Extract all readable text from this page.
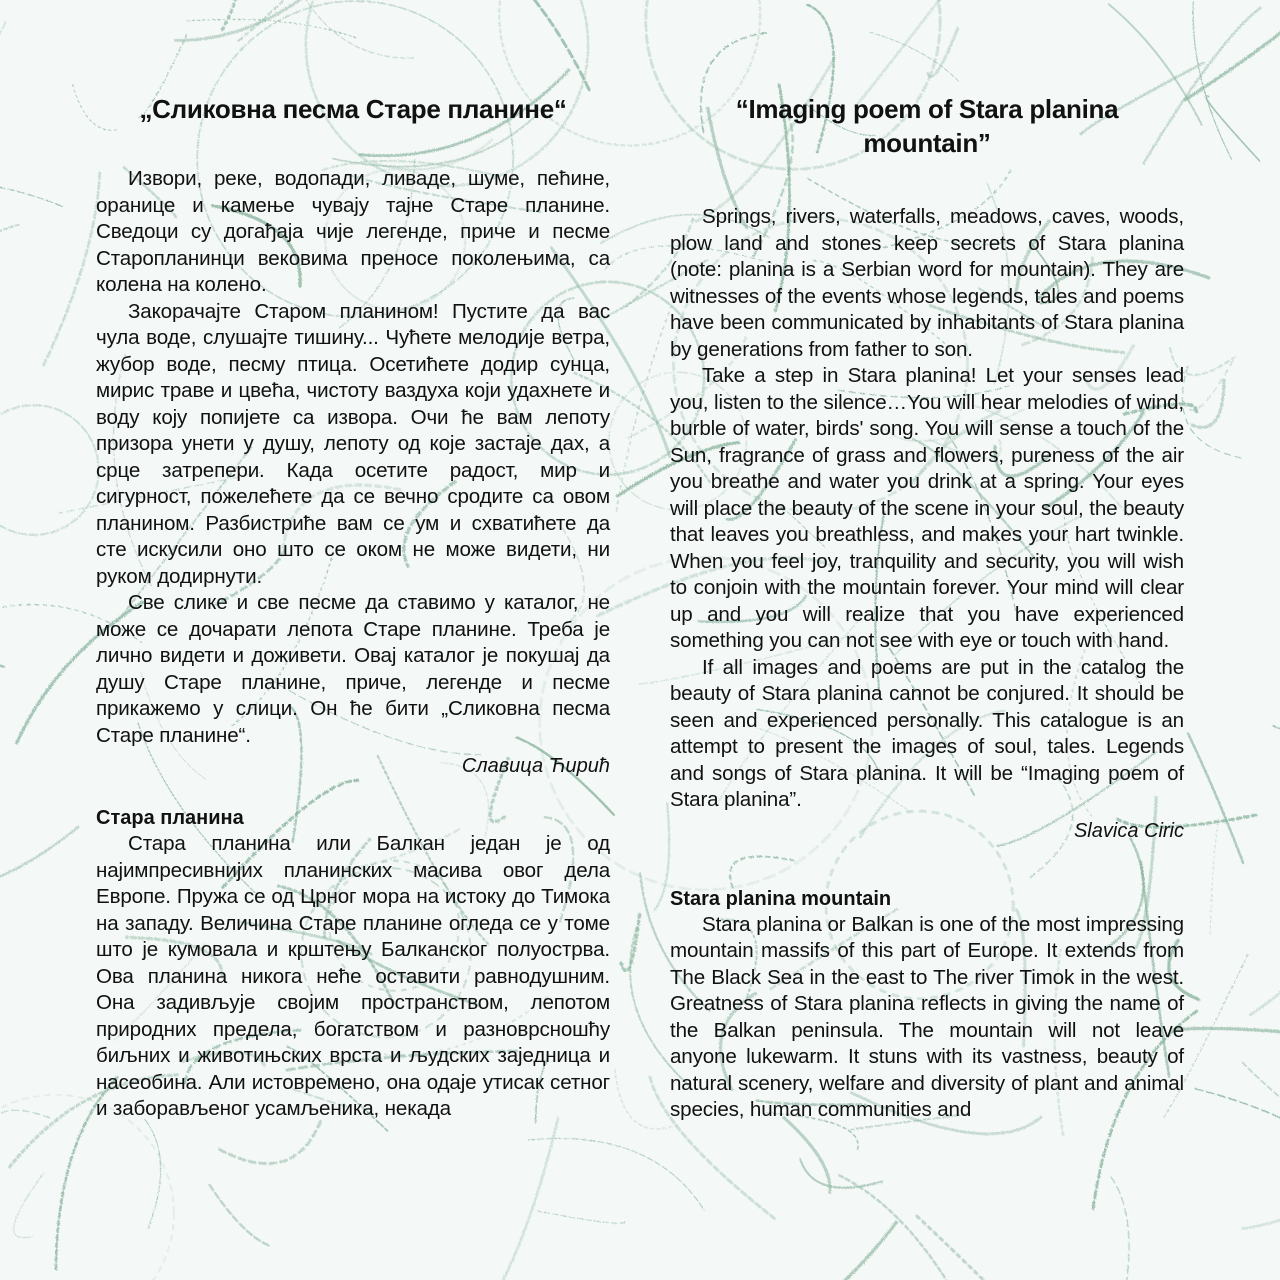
„Сликовна песма Старе планине“

Извори, реке, водопади, ливаде, шуме, пећине, оранице и камење чувају тајне Старе планине. Сведоци су догађаја чије легенде, приче и песме Старопланинци вековима преносе поколењима, са колена на колено.

Закорачајте Старом планином! Пустите да вас чула воде, слушајте тишину... Чућете мелодије ветра, жубор воде, песму птица. Осетићете додир сунца, мирис траве и цвећа, чистоту ваздуха који удахнете и воду коју попијете са извора. Очи ће вам лепоту призора унети у душу, лепоту од које застаје дах, а срце затрепери. Када осетите радост, мир и сигурност, пожелећете да се вечно сродите са овом планином. Разбистриће вам се ум и схватићете да сте искусили оно што се оком не може видети, ни руком додирнути.

Све слике и све песме да ставимо у каталог, не може се дочарати лепота Старе планине. Треба је лично видети и доживети. Овај каталог је покушај да душу Старе планине, приче, легенде и песме прикажемо у слици. Он ће бити „Сликовна песма Старе планине“.

Славица Ћирић

Стара планина

Стара планина или Балкан један је од најимпресивнијих планинских масива овог дела Европе. Пружа се од Црног мора на истоку до Тимока на западу. Величина Старе планине огледа се у томе што је кумовала и крштењу Балканског полуострва. Ова планина никога неће оставити равнодушним. Она задивљује својим пространством, лепотом природних предела, богатством и разноврсношћу биљних и животињских врста и људских заједница и насеобина. Али истовремено, она одаје утисак сетног и заборављеног усамљеника, некада

“Imaging poem of Stara planina mountain”

Springs, rivers, waterfalls, meadows, caves, woods, plow land and stones keep secrets of Stara planina (note: planina is a Serbian word for mountain). They are witnesses of the events whose legends, tales and poems have been communicated by inhabitants of Stara planina by generations from father to son.

Take a step in Stara planina! Let your senses lead you, listen to the silence…You will hear melodies of wind, burble of water, birds' song. You will sense a touch of the Sun, fragrance of grass and flowers, pureness of the air you breathe and water you drink at a spring. Your eyes will place the beauty of the scene in your soul, the beauty that leaves you breathless, and makes your hart twinkle. When you feel joy, tranquility and security, you will wish to conjoin with the mountain forever. Your mind will clear up and you will realize that you have experienced something you can not see with eye or touch with hand.

If all images and poems are put in the catalog the beauty of Stara planina cannot be conjured. It should be seen and experienced personally. This catalogue is an attempt to present the images of soul, tales. Legends and songs of Stara planina. It will be “Imaging poem of Stara planina”.

Slavica Ciric

Stara planina mountain

Stara planina or Balkan is one of the most impressing mountain massifs of this part of Europe. It extends from The Black Sea in the east to The river Timok in the west. Greatness of Stara planina reflects in giving the name of the Balkan peninsula. The mountain will not leave anyone lukewarm. It stuns with its vastness, beauty of natural scenery, welfare and diversity of plant and animal species, human communities and
